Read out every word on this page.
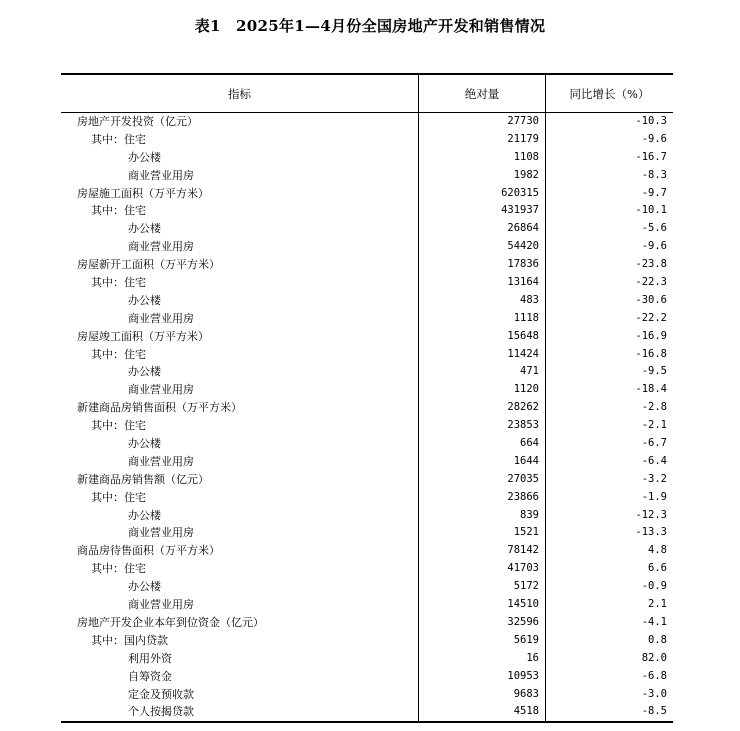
表1　2025年1—4月份全国房地产开发和销售情况
指标	绝对量	同比增长（%）
房地产开发投资（亿元）	27730	-10.3
其中：住宅	21179	-9.6
办公楼	1108	-16.7
商业营业用房	1982	-8.3
房屋施工面积（万平方米）	620315	-9.7
其中：住宅	431937	-10.1
办公楼	26864	-5.6
商业营业用房	54420	-9.6
房屋新开工面积（万平方米）	17836	-23.8
其中：住宅	13164	-22.3
办公楼	483	-30.6
商业营业用房	1118	-22.2
房屋竣工面积（万平方米）	15648	-16.9
其中：住宅	11424	-16.8
办公楼	471	-9.5
商业营业用房	1120	-18.4
新建商品房销售面积（万平方米）	28262	-2.8
其中：住宅	23853	-2.1
办公楼	664	-6.7
商业营业用房	1644	-6.4
新建商品房销售额（亿元）	27035	-3.2
其中：住宅	23866	-1.9
办公楼	839	-12.3
商业营业用房	1521	-13.3
商品房待售面积（万平方米）	78142	4.8
其中：住宅	41703	6.6
办公楼	5172	-0.9
商业营业用房	14510	2.1
房地产开发企业本年到位资金（亿元）	32596	-4.1
其中：国内贷款	5619	0.8
利用外资	16	82.0
自筹资金	10953	-6.8
定金及预收款	9683	-3.0
个人按揭贷款	4518	-8.5
